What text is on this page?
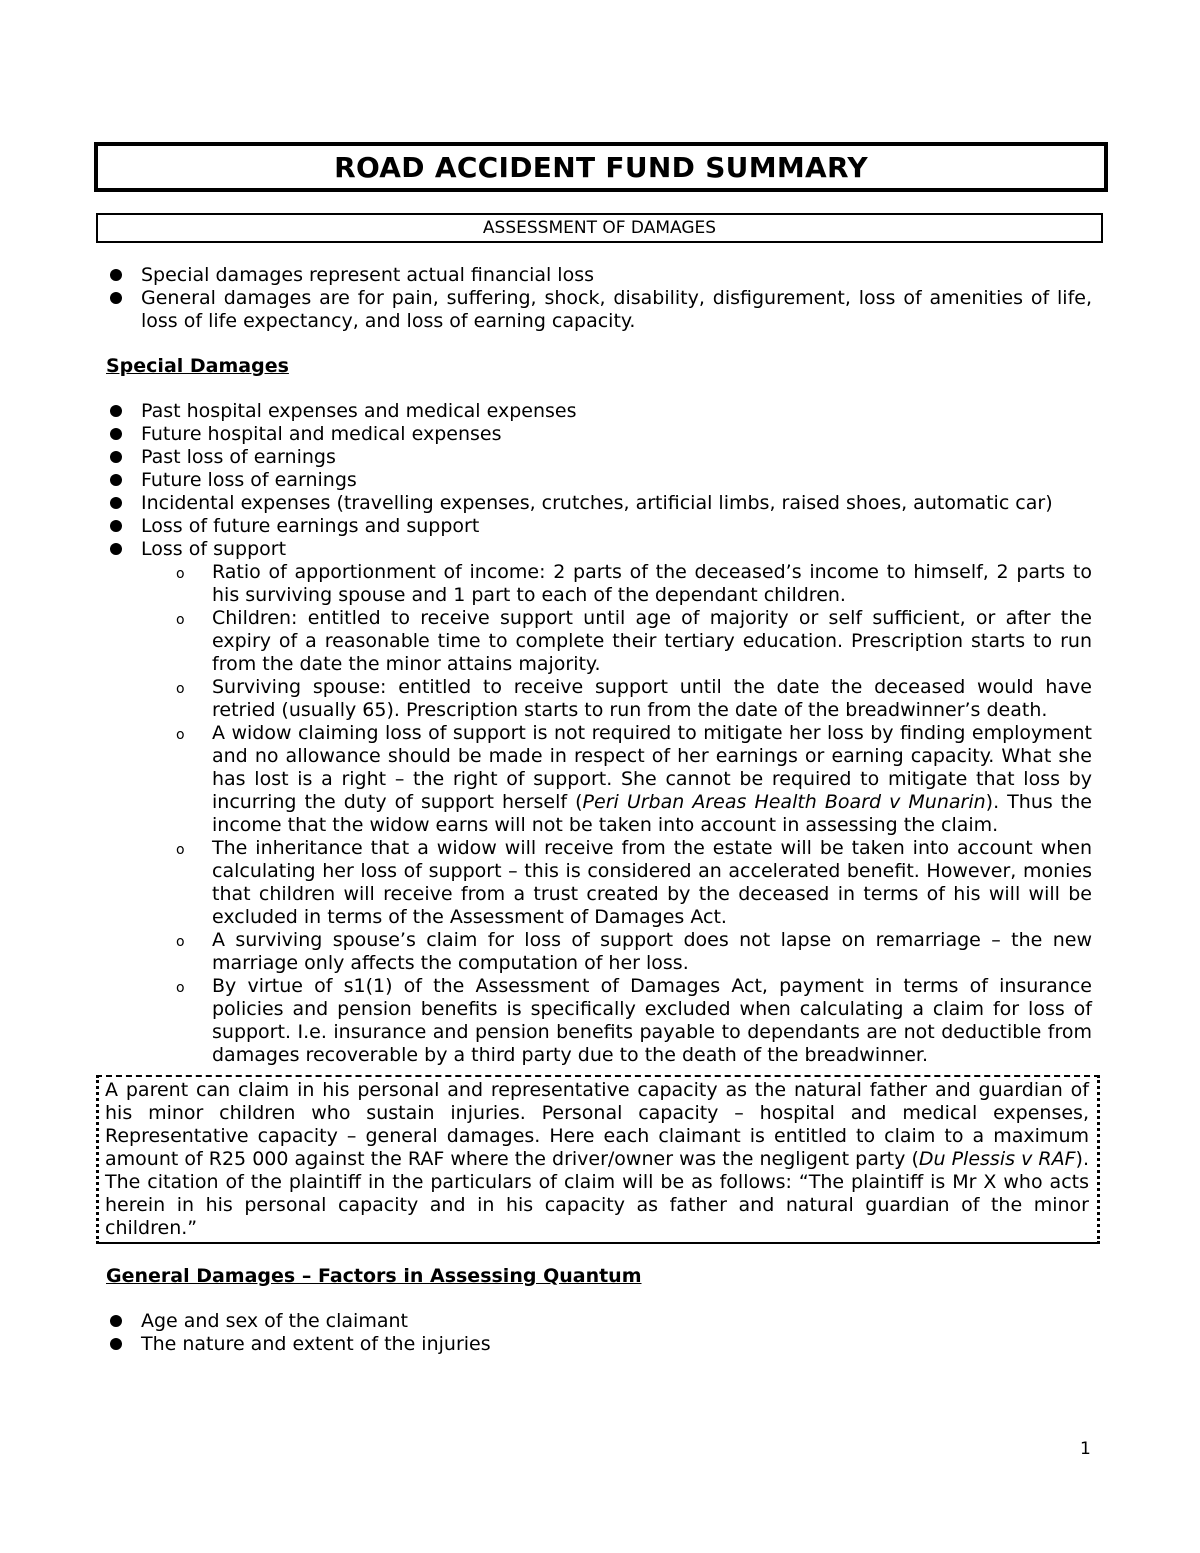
ROAD ACCIDENT FUND SUMMARY
ASSESSMENT OF DAMAGES
Special damages represent actual financial loss
General damages are for pain, suffering, shock, disability, disfigurement, loss of amenities of life, loss of life expectancy, and loss of earning capacity.

Special Damages

Past hospital expenses and medical expenses
Future hospital and medical expenses
Past loss of earnings
Future loss of earnings
Incidental expenses (travelling expenses, crutches, artificial limbs, raised shoes, automatic car)
Loss of future earnings and support
Loss of support
o Ratio of apportionment of income: 2 parts of the deceased’s income to himself, 2 parts to his surviving spouse and 1 part to each of the dependant children.
o Children: entitled to receive support until age of majority or self sufficient, or after the expiry of a reasonable time to complete their tertiary education. Prescription starts to run from the date the minor attains majority.
o Surviving spouse: entitled to receive support until the date the deceased would have retried (usually 65). Prescription starts to run from the date of the breadwinner’s death.
o A widow claiming loss of support is not required to mitigate her loss by finding employment and no allowance should be made in respect of her earnings or earning capacity. What she has lost is a right – the right of support. She cannot be required to mitigate that loss by incurring the duty of support herself (Peri Urban Areas Health Board v Munarin). Thus the income that the widow earns will not be taken into account in assessing the claim.
o The inheritance that a widow will receive from the estate will be taken into account when calculating her loss of support – this is considered an accelerated benefit. However, monies that children will receive from a trust created by the deceased in terms of his will will be excluded in terms of the Assessment of Damages Act.
o A surviving spouse’s claim for loss of support does not lapse on remarriage – the new marriage only affects the computation of her loss.
o By virtue of s1(1) of the Assessment of Damages Act, payment in terms of insurance policies and pension benefits is specifically excluded when calculating a claim for loss of support. I.e. insurance and pension benefits payable to dependants are not deductible from damages recoverable by a third party due to the death of the breadwinner.
A parent can claim in his personal and representative capacity as the natural father and guardian of his minor children who sustain injuries. Personal capacity – hospital and medical expenses, Representative capacity – general damages. Here each claimant is entitled to claim to a maximum amount of R25 000 against the RAF where the driver/owner was the negligent party (Du Plessis v RAF). The citation of the plaintiff in the particulars of claim will be as follows: “The plaintiff is Mr X who acts herein in his personal capacity and in his capacity as father and natural guardian of the minor children.”

General Damages – Factors in Assessing Quantum

Age and sex of the claimant
The nature and extent of the injuries
1
